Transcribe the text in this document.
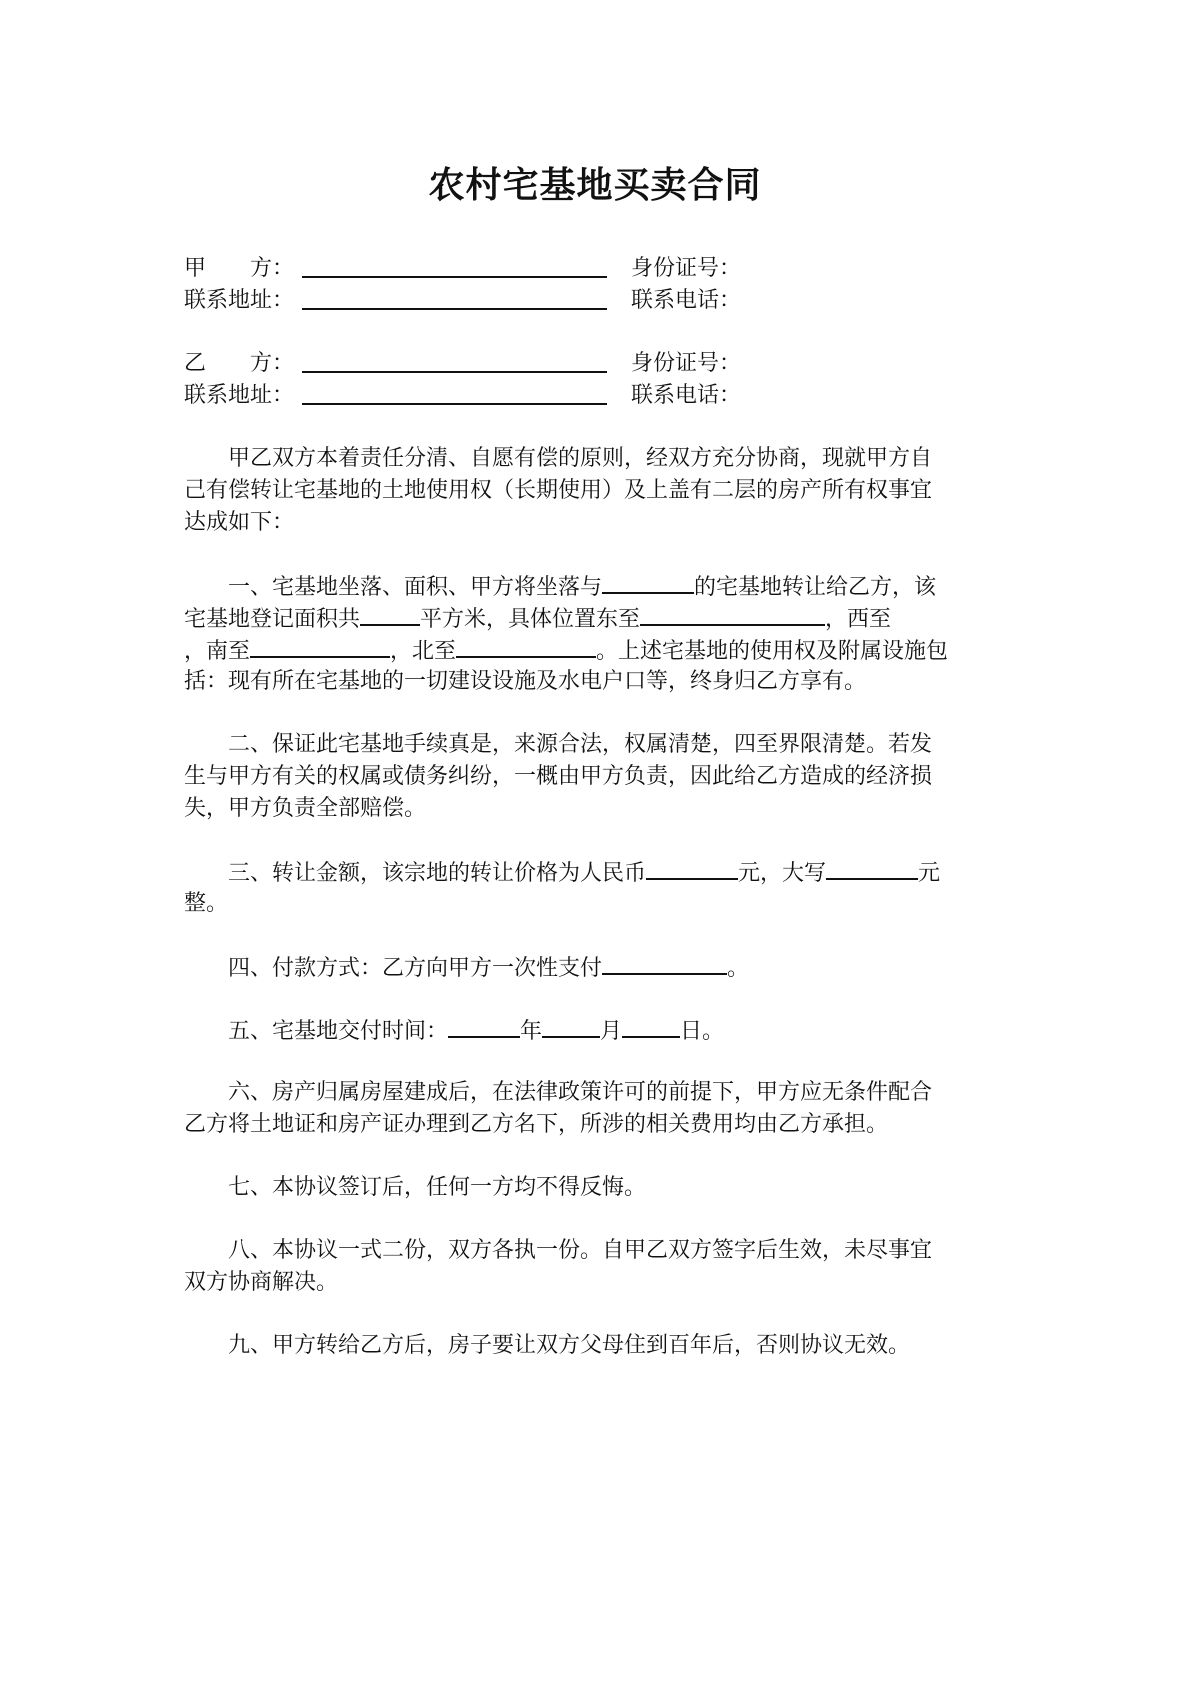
农村宅基地买卖合同
甲　　方：	身份证号：
联系地址：	联系电话：
乙　　方：	身份证号：
联系地址：	联系电话：
　　甲乙双方本着责任分清、自愿有偿的原则，经双方充分协商，现就甲方自
己有偿转让宅基地的土地使用权（长期使用）及上盖有二层的房产所有权事宜
达成如下：
　　一、宅基地坐落、面积、甲方将坐落与	的宅基地转让给乙方，该
宅基地登记面积共	平方米，具体位置东至	，西至
，南至	，北至	。上述宅基地的使用权及附属设施包
括：现有所在宅基地的一切建设设施及水电户口等，终身归乙方享有。
　　二、保证此宅基地手续真是，来源合法，权属清楚，四至界限清楚。若发
生与甲方有关的权属或债务纠纷，一概由甲方负责，因此给乙方造成的经济损
失，甲方负责全部赔偿。
　　三、转让金额，该宗地的转让价格为人民币	元，大写	元
整。
　　四、付款方式：乙方向甲方一次性支付	。
　　五、宅基地交付时间：	年	月	日。
　　六、房产归属房屋建成后，在法律政策许可的前提下，甲方应无条件配合
乙方将土地证和房产证办理到乙方名下，所涉的相关费用均由乙方承担。
　　七、本协议签订后，任何一方均不得反悔。
　　八、本协议一式二份，双方各执一份。自甲乙双方签字后生效，未尽事宜
双方协商解决。
　　九、甲方转给乙方后，房子要让双方父母住到百年后，否则协议无效。
